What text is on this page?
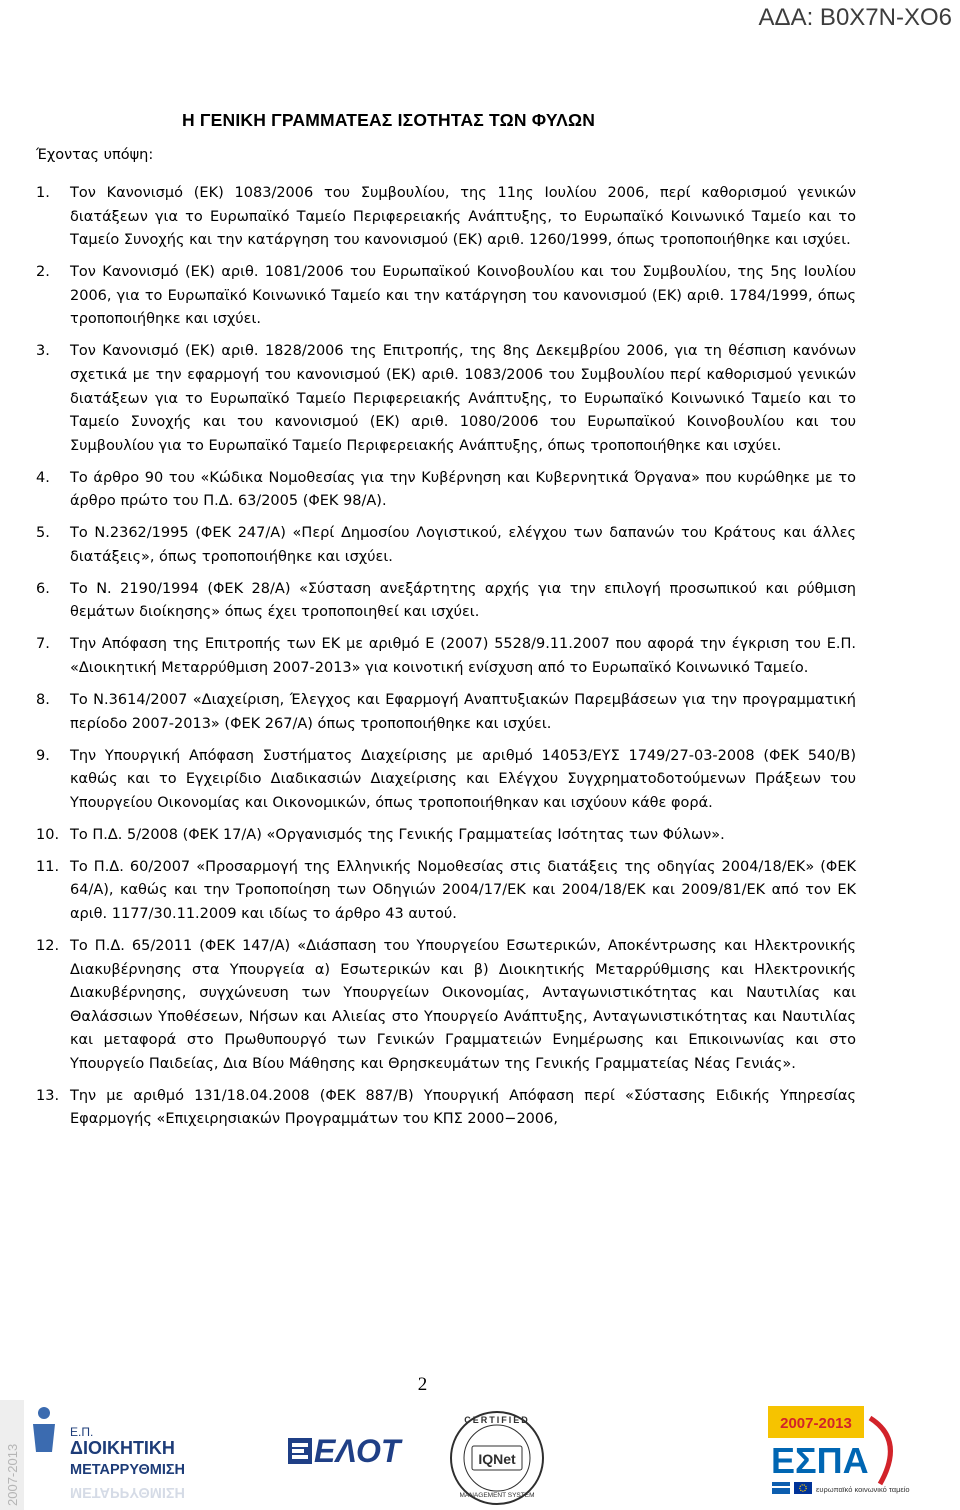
ΑΔΑ: Β0Χ7Ν-ΧΟ6
Η ΓΕΝΙΚΗ ΓΡΑΜΜΑΤΕΑΣ ΙΣΟΤΗΤΑΣ ΤΩΝ ΦΥΛΩΝ
Έχοντας υπόψη:
1.	Τον Κανονισμό (ΕΚ) 1083/2006 του Συμβουλίου, της 11ης Ιουλίου 2006, περί καθορισμού γενικών διατάξεων για το Ευρωπαϊκό Ταμείο Περιφερειακής Ανάπτυξης, το Ευρωπαϊκό Κοινωνικό Ταμείο και το Ταμείο Συνοχής και την κατάργηση του κανονισμού (ΕΚ) αριθ. 1260/1999, όπως τροποποιήθηκε και ισχύει.
2.	Τον Κανονισμό (ΕΚ) αριθ. 1081/2006 του Ευρωπαϊκού Κοινοβουλίου και του Συμβουλίου, της 5ης Ιουλίου 2006, για το Ευρωπαϊκό Κοινωνικό Ταμείο και την κατάργηση του κανονισμού (ΕΚ) αριθ. 1784/1999, όπως τροποποιήθηκε και ισχύει.
3.	Τον Κανονισμό (ΕΚ) αριθ. 1828/2006 της Επιτροπής, της 8ης Δεκεμβρίου 2006, για τη θέσπιση κανόνων σχετικά με την εφαρμογή του κανονισμού (ΕΚ) αριθ. 1083/2006 του Συμβουλίου περί καθορισμού γενικών διατάξεων για το Ευρωπαϊκό Ταμείο Περιφερειακής Ανάπτυξης, το Ευρωπαϊκό Κοινωνικό Ταμείο και το Ταμείο Συνοχής και του κανονισμού (ΕΚ) αριθ. 1080/2006 του Ευρωπαϊκού Κοινοβουλίου και του Συμβουλίου για το Ευρωπαϊκό Ταμείο Περιφερειακής Ανάπτυξης, όπως τροποποιήθηκε και ισχύει.
4.	Το άρθρο 90 του «Κώδικα Νομοθεσίας για την Κυβέρνηση και Κυβερνητικά Όργανα» που κυρώθηκε με το άρθρο πρώτο του Π.Δ. 63/2005 (ΦΕΚ 98/Α).
5.	Το Ν.2362/1995 (ΦΕΚ 247/Α) «Περί Δημοσίου Λογιστικού, ελέγχου των δαπανών του Κράτους και άλλες διατάξεις», όπως τροποποιήθηκε και ισχύει.
6.	Το Ν. 2190/1994 (ΦΕΚ 28/Α) «Σύσταση ανεξάρτητης αρχής για την επιλογή προσωπικού και ρύθμιση θεμάτων διοίκησης» όπως έχει τροποποιηθεί και ισχύει.
7.	Την Απόφαση της Επιτροπής των ΕΚ με αριθμό Ε (2007) 5528/9.11.2007 που αφορά την έγκριση του Ε.Π. «Διοικητική Μεταρρύθμιση 2007-2013» για κοινοτική ενίσχυση από το Ευρωπαϊκό Κοινωνικό Ταμείο.
8.	Το Ν.3614/2007 «Διαχείριση, Έλεγχος και Εφαρμογή Αναπτυξιακών Παρεμβάσεων για την προγραμματική περίοδο 2007-2013» (ΦΕΚ 267/Α) όπως τροποποιήθηκε και ισχύει.
9.	Την Υπουργική Απόφαση Συστήματος Διαχείρισης με αριθμό 14053/ΕΥΣ 1749/27-03-2008 (ΦΕΚ 540/Β) καθώς και το Εγχειρίδιο Διαδικασιών Διαχείρισης και Ελέγχου Συγχρηματοδοτούμενων Πράξεων του Υπουργείου Οικονομίας και Οικονομικών, όπως τροποποιήθηκαν και ισχύουν κάθε φορά.
10. Το Π.Δ. 5/2008 (ΦΕΚ 17/Α) «Οργανισμός της Γενικής Γραμματείας Ισότητας των Φύλων».
11. Το Π.Δ. 60/2007 «Προσαρμογή της Ελληνικής Νομοθεσίας στις διατάξεις της οδηγίας 2004/18/ΕΚ» (ΦΕΚ 64/Α), καθώς και την Τροποποίηση των Οδηγιών 2004/17/ΕΚ και 2004/18/ΕΚ και 2009/81/ΕΚ από τον ΕΚ αριθ. 1177/30.11.2009 και ιδίως το άρθρο 43 αυτού.
12. Το Π.Δ. 65/2011 (ΦΕΚ 147/Α) «Διάσπαση του Υπουργείου Εσωτερικών, Αποκέντρωσης και Ηλεκτρονικής Διακυβέρνησης στα Υπουργεία α) Εσωτερικών και β) Διοικητικής Μεταρρύθμισης και Ηλεκτρονικής Διακυβέρνησης, συγχώνευση των Υπουργείων Οικονομίας, Ανταγωνιστικότητας και Ναυτιλίας και Θαλάσσιων Υποθέσεων, Νήσων και Αλιείας στο Υπουργείο Ανάπτυξης, Ανταγωνιστικότητας και Ναυτιλίας και μεταφορά στο Πρωθυπουργό των Γενικών Γραμματειών Ενημέρωσης και Επικοινωνίας και στο Υπουργείο Παιδείας, Δια Βίου Μάθησης και Θρησκευμάτων της Γενικής Γραμματείας Νέας Γενιάς».
13. Την με αριθμό 131/18.04.2008 (ΦΕΚ 887/Β) Υπουργική Απόφαση περί «Σύστασης Ειδικής Υπηρεσίας Εφαρμογής «Επιχειρησιακών Προγραμμάτων του ΚΠΣ 2000−2006,
2
2007-2013
Ε.Π.
ΔΙΟΙΚΗΤΙΚΗ
ΜΕΤΑΡΡΥΘΜΙΣΗ
ΜΕΤΑΡΡΥΘΜΙΣΗ
ΕΛΟΤ
CERTIFIED
IQNet
MANAGEMENT SYSTEM
2007-2013
ΕΣΠΑ
ευρωπαϊκό κοινωνικό ταμείο
